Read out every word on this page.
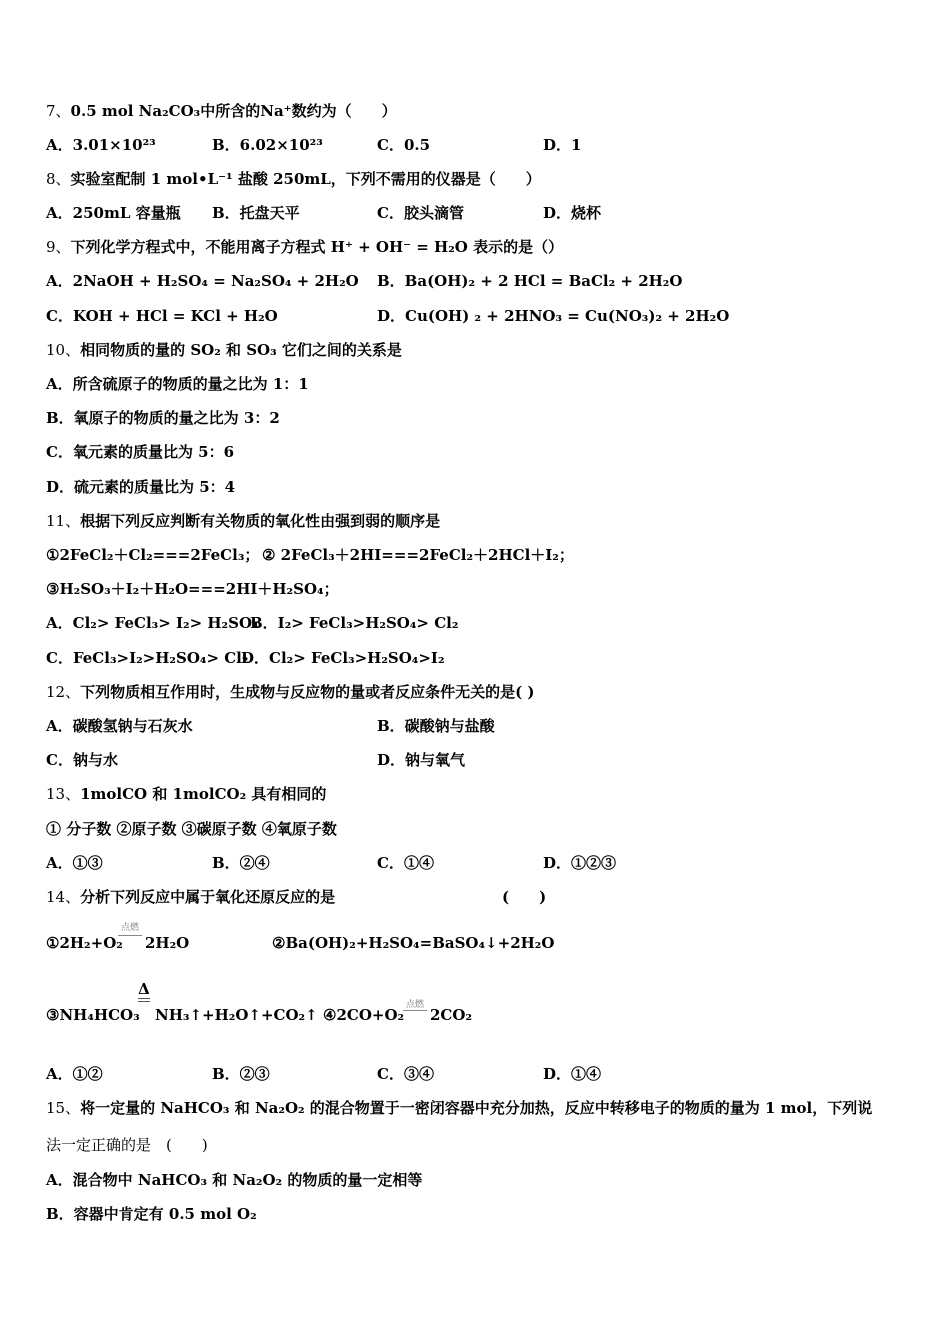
7、0.5 mol Na₂CO₃中所含的Na⁺数约为（　　）
A．3.01×10²³	B．6.02×10²³	C．0.5	D．1
8、实验室配制 1 mol•L⁻¹ 盐酸 250mL，下列不需用的仪器是（　　）
A．250mL 容量瓶 B．托盘天平	C．胶头滴管	D．烧杯
9、下列化学方程式中，不能用离子方程式 H⁺ + OH⁻ = H₂O 表示的是（）
A．2NaOH + H₂SO₄ = Na₂SO₄ + 2H₂O B．Ba(OH)₂ + 2 HCl = BaCl₂ + 2H₂O
C．KOH + HCl = KCl + H₂O	D．Cu(OH) ₂ + 2HNO₃ = Cu(NO₃)₂ + 2H₂O
10、相同物质的量的 SO₂ 和 SO₃ 它们之间的关系是
A．所含硫原子的物质的量之比为 1：1
B．氧原子的物质的量之比为 3：2
C．氧元素的质量比为 5：6
D．硫元素的质量比为 5：4
11、根据下列反应判断有关物质的氧化性由强到弱的顺序是
①2FeCl₂＋Cl₂===2FeCl₃； ② 2FeCl₃＋2HI===2FeCl₂＋2HCl＋I₂；
③H₂SO₃＋I₂＋H₂O===2HI＋H₂SO₄；
A．Cl₂> FeCl₃> I₂> H₂SO₄
B．I₂> FeCl₃>H₂SO₄> Cl₂
C．FeCl₃>I₂>H₂SO₄> Cl₂
D．Cl₂> FeCl₃>H₂SO₄>I₂
12、下列物质相互作用时，生成物与反应物的量或者反应条件无关的是( )
A．碳酸氢钠与石灰水	B．碳酸钠与盐酸
C．钠与水	D．钠与氧气
13、1molCO 和 1molCO₂ 具有相同的
① 分子数 ②原子数 ③碳原子数 ④氧原子数
A．①③	B．②④	C．①④	D．①②③
14、分析下列反应中属于氧化还原反应的是	(　　)
①2H₂+O₂
点燃
2H₂O	②Ba(OH)₂+H₂SO₄=BaSO₄↓+2H₂O
③NH₄HCO₃
Δ
NH₃↑+H₂O↑+CO₂↑ ④2CO+O₂
点燃
2CO₂
A．①②	B．②③	C．③④	D．①④
15、将一定量的 NaHCO₃ 和 Na₂O₂ 的混合物置于一密闭容器中充分加热，反应中转移电子的物质的量为 1 mol，下列说
法一定正确的是　(　　)
A．混合物中 NaHCO₃ 和 Na₂O₂ 的物质的量一定相等
B．容器中肯定有 0.5 mol O₂
